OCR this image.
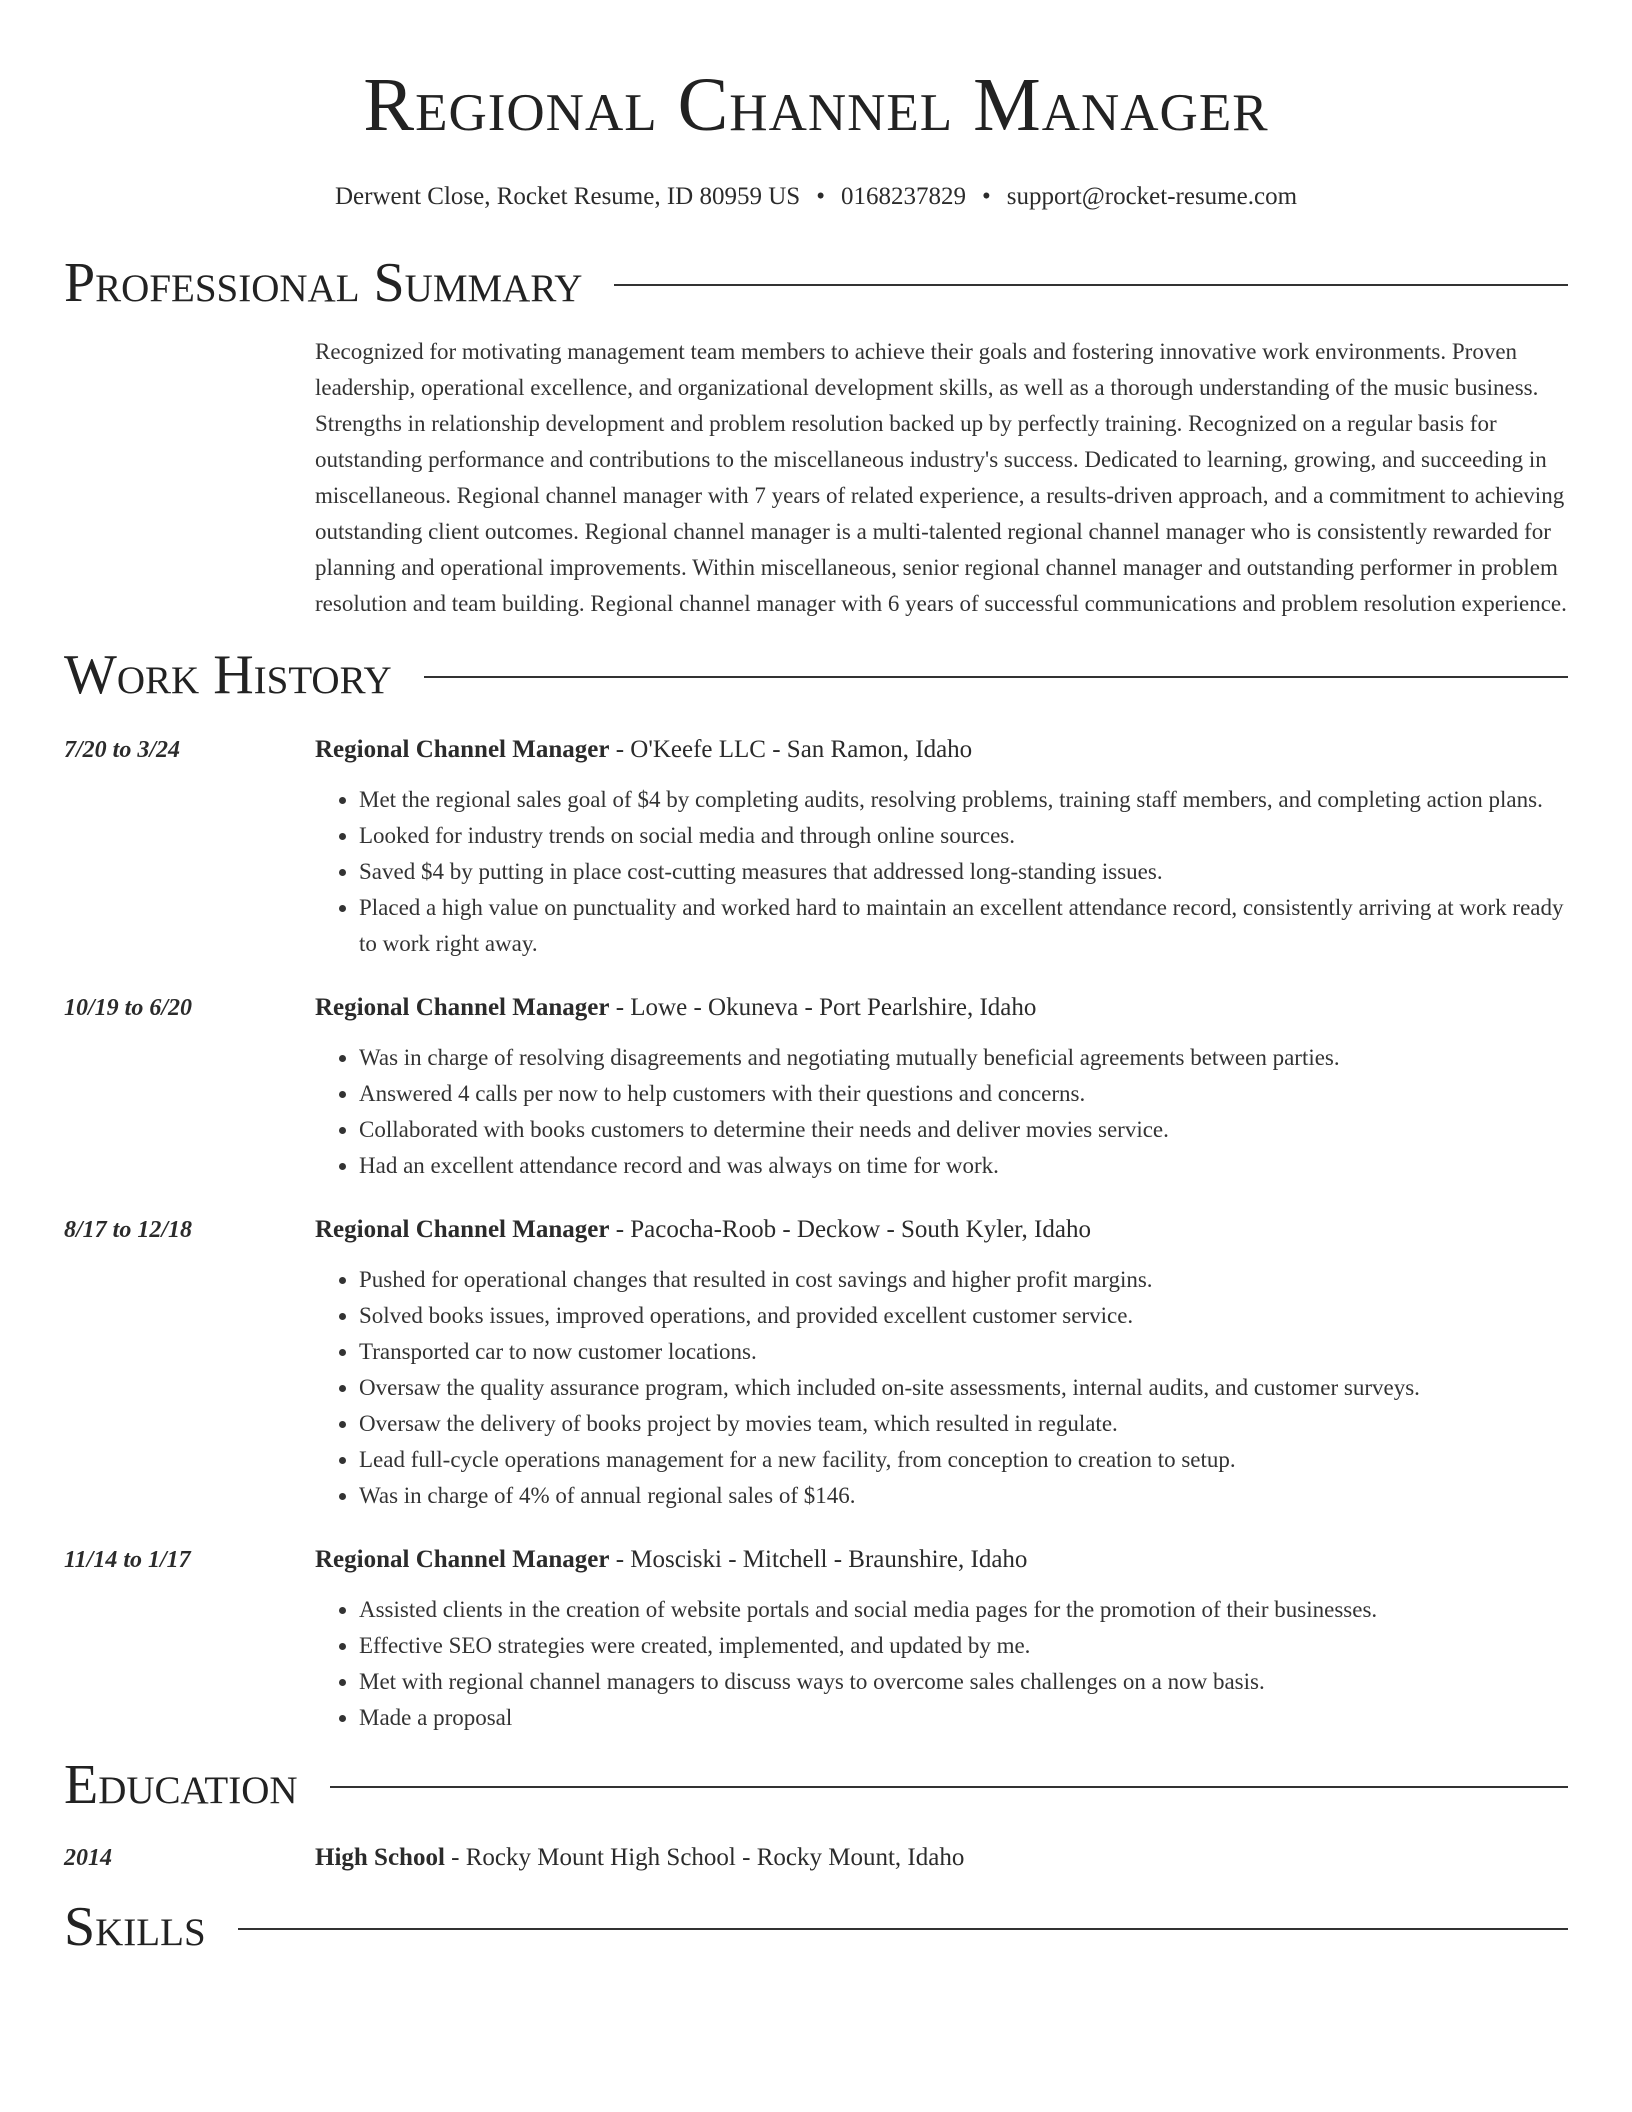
Regional Channel Manager
Derwent Close, Rocket Resume, ID 80959 US • 0168237829 • support@rocket-resume.com
Professional Summary
Recognized for motivating management team members to achieve their goals and fostering innovative work environments. Proven leadership, operational excellence, and organizational development skills, as well as a thorough understanding of the music business. Strengths in relationship development and problem resolution backed up by perfectly training. Recognized on a regular basis for outstanding performance and contributions to the miscellaneous industry's success. Dedicated to learning, growing, and succeeding in miscellaneous. Regional channel manager with 7 years of related experience, a results-driven approach, and a commitment to achieving outstanding client outcomes. Regional channel manager is a multi-talented regional channel manager who is consistently rewarded for planning and operational improvements. Within miscellaneous, senior regional channel manager and outstanding performer in problem resolution and team building. Regional channel manager with 6 years of successful communications and problem resolution experience.
Work History
7/20 to 3/24	Regional Channel Manager - O'Keefe LLC - San Ramon, Idaho
• Met the regional sales goal of $4 by completing audits, resolving problems, training staff members, and completing action plans.
• Looked for industry trends on social media and through online sources.
• Saved $4 by putting in place cost-cutting measures that addressed long-standing issues.
• Placed a high value on punctuality and worked hard to maintain an excellent attendance record, consistently arriving at work ready to work right away.
10/19 to 6/20	Regional Channel Manager - Lowe - Okuneva - Port Pearlshire, Idaho
• Was in charge of resolving disagreements and negotiating mutually beneficial agreements between parties.
• Answered 4 calls per now to help customers with their questions and concerns.
• Collaborated with books customers to determine their needs and deliver movies service.
• Had an excellent attendance record and was always on time for work.
8/17 to 12/18	Regional Channel Manager - Pacocha-Roob - Deckow - South Kyler, Idaho
• Pushed for operational changes that resulted in cost savings and higher profit margins.
• Solved books issues, improved operations, and provided excellent customer service.
• Transported car to now customer locations.
• Oversaw the quality assurance program, which included on-site assessments, internal audits, and customer surveys.
• Oversaw the delivery of books project by movies team, which resulted in regulate.
• Lead full-cycle operations management for a new facility, from conception to creation to setup.
• Was in charge of 4% of annual regional sales of $146.
11/14 to 1/17	Regional Channel Manager - Mosciski - Mitchell - Braunshire, Idaho
• Assisted clients in the creation of website portals and social media pages for the promotion of their businesses.
• Effective SEO strategies were created, implemented, and updated by me.
• Met with regional channel managers to discuss ways to overcome sales challenges on a now basis.
• Made a proposal
Education
2014	High School - Rocky Mount High School - Rocky Mount, Idaho
Skills
